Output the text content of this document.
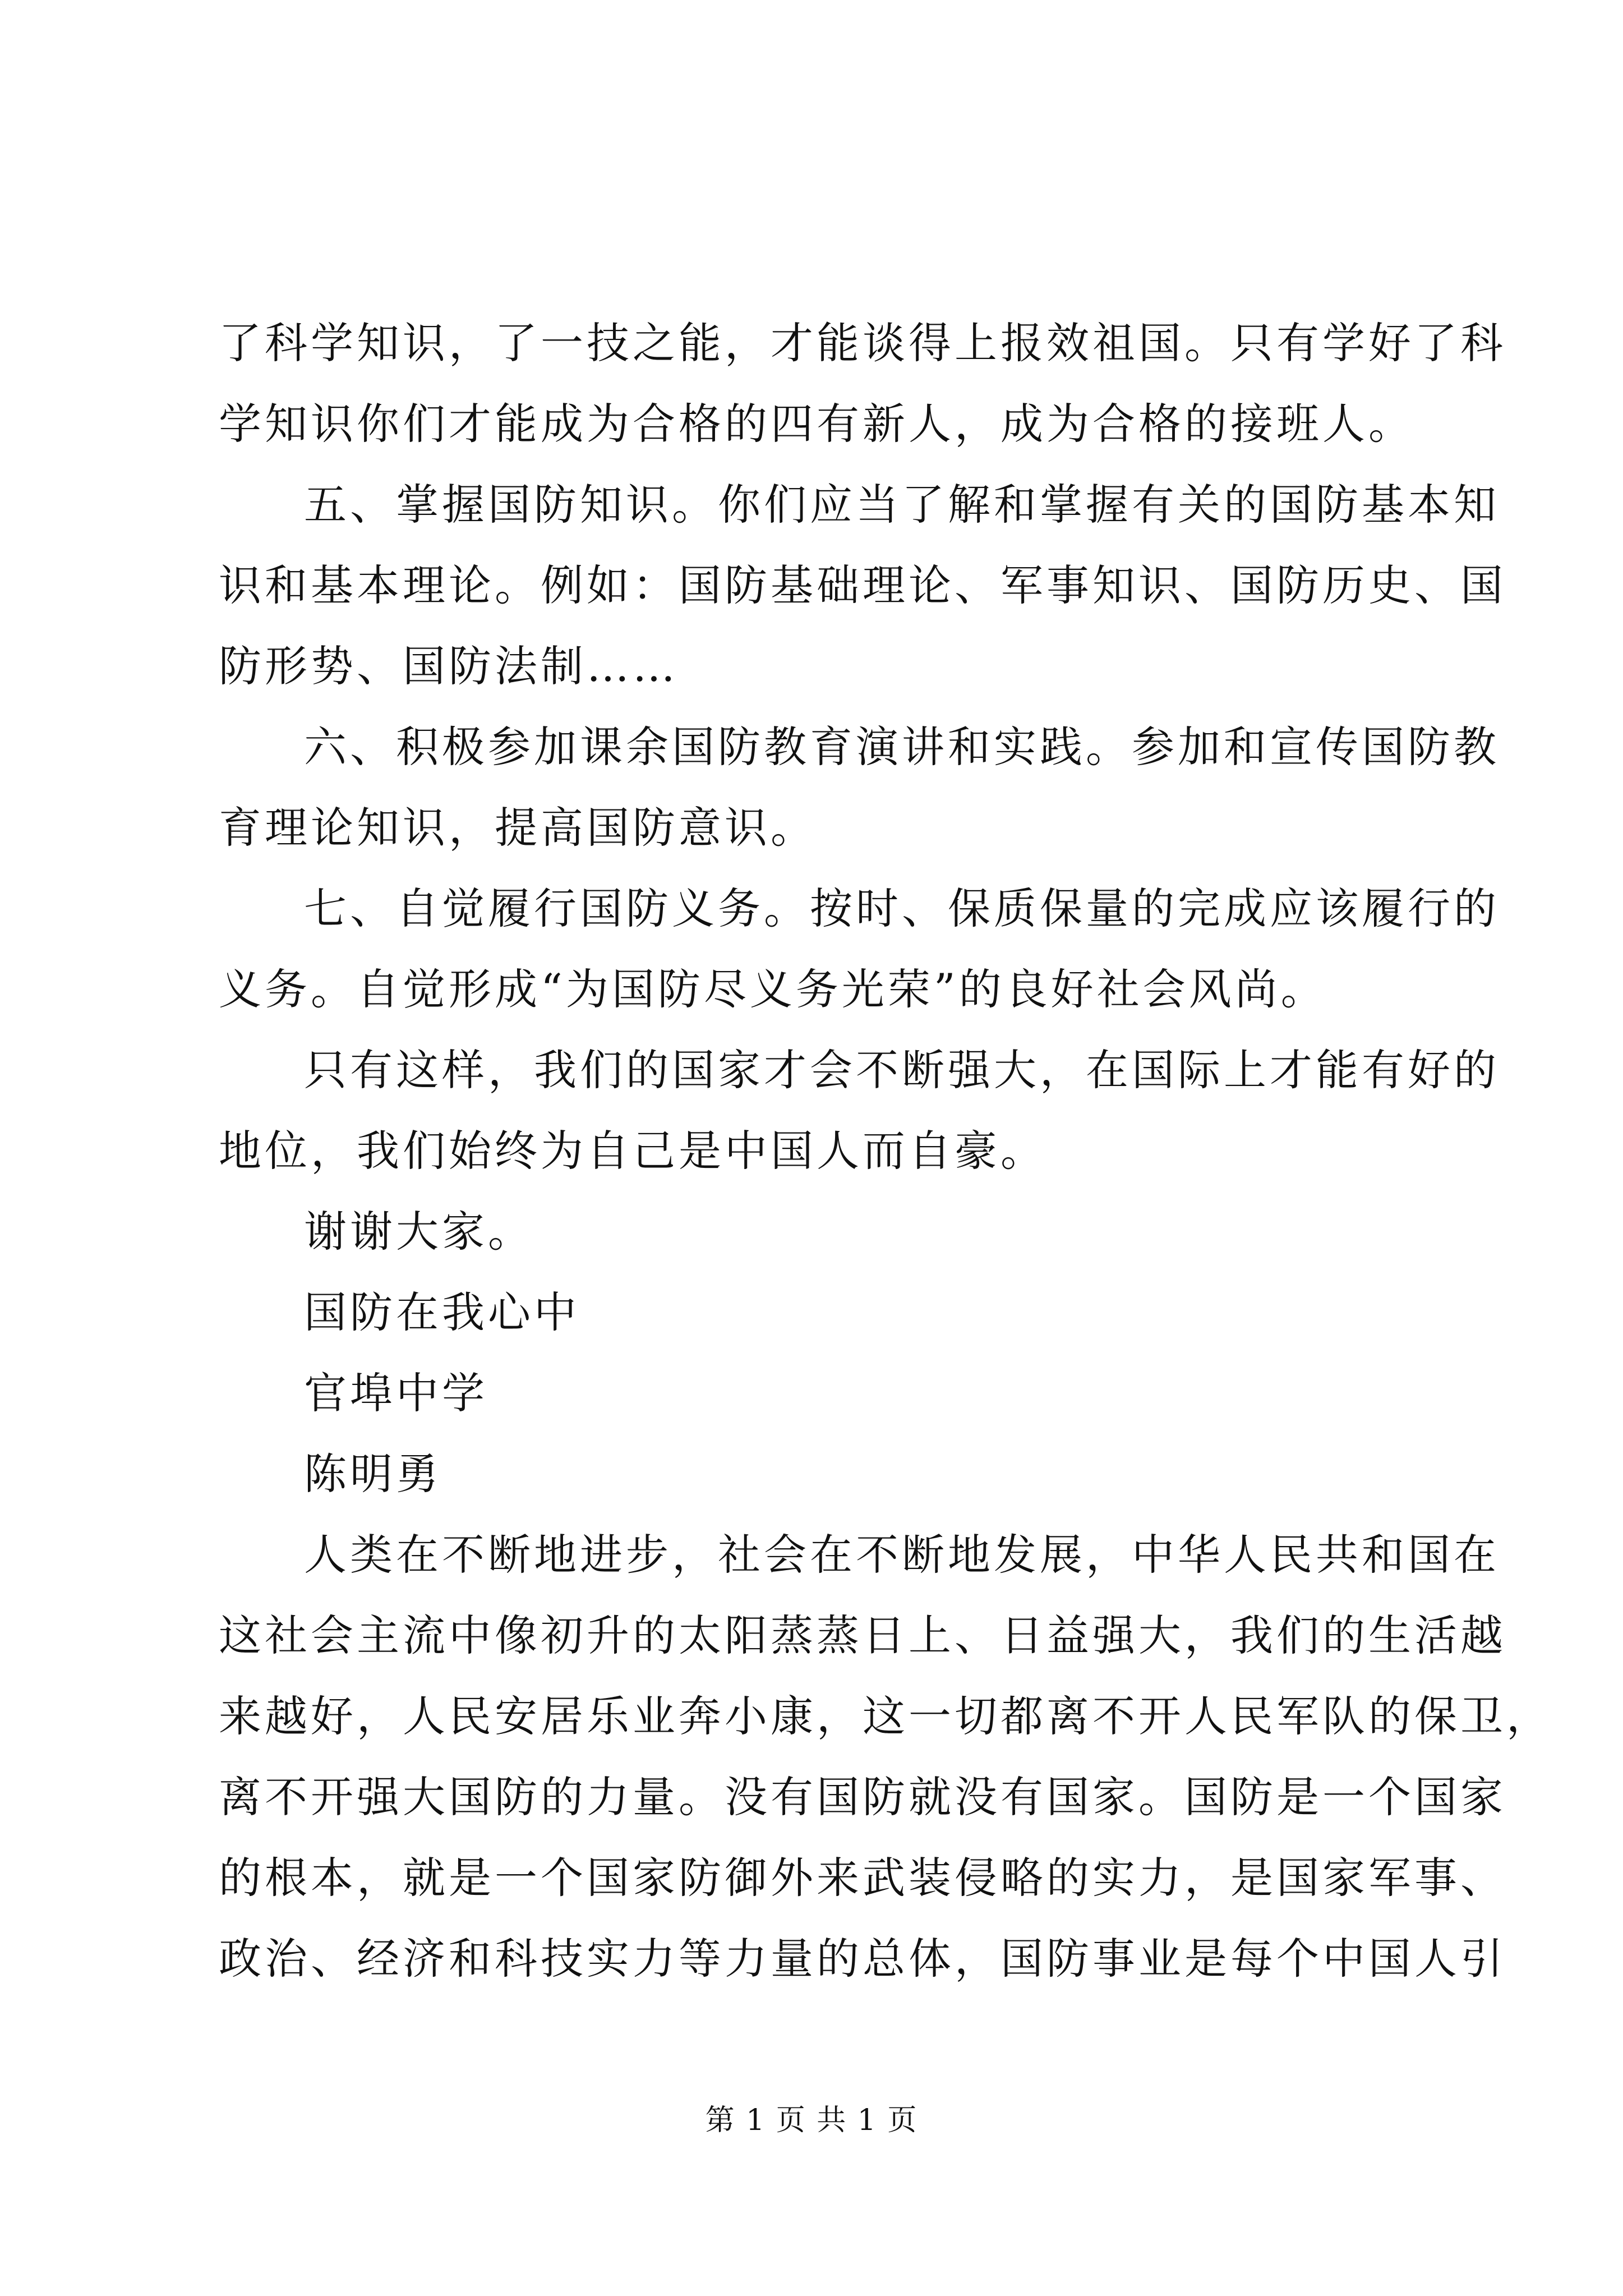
了科学知识，了一技之能，才能谈得上报效祖国。只有学好了科
学知识你们才能成为合格的四有新人，成为合格的接班人。
五、掌握国防知识。你们应当了解和掌握有关的国防基本知
识和基本理论。例如：国防基础理论、军事知识、国防历史、国
防形势、国防法制……
六、积极参加课余国防教育演讲和实践。参加和宣传国防教
育理论知识，提高国防意识。
七、自觉履行国防义务。按时、保质保量的完成应该履行的
义务。自觉形成“为国防尽义务光荣”的良好社会风尚。
只有这样，我们的国家才会不断强大，在国际上才能有好的
地位，我们始终为自己是中国人而自豪。
谢谢大家。
国防在我心中
官埠中学
陈明勇
人类在不断地进步，社会在不断地发展，中华人民共和国在
这社会主流中像初升的太阳蒸蒸日上、日益强大，我们的生活越
来越好，人民安居乐业奔小康，这一切都离不开人民军队的保卫，
离不开强大国防的力量。没有国防就没有国家。国防是一个国家
的根本，就是一个国家防御外来武装侵略的实力，是国家军事、
政治、经济和科技实力等力量的总体，国防事业是每个中国人引
第 1 页 共 1 页
